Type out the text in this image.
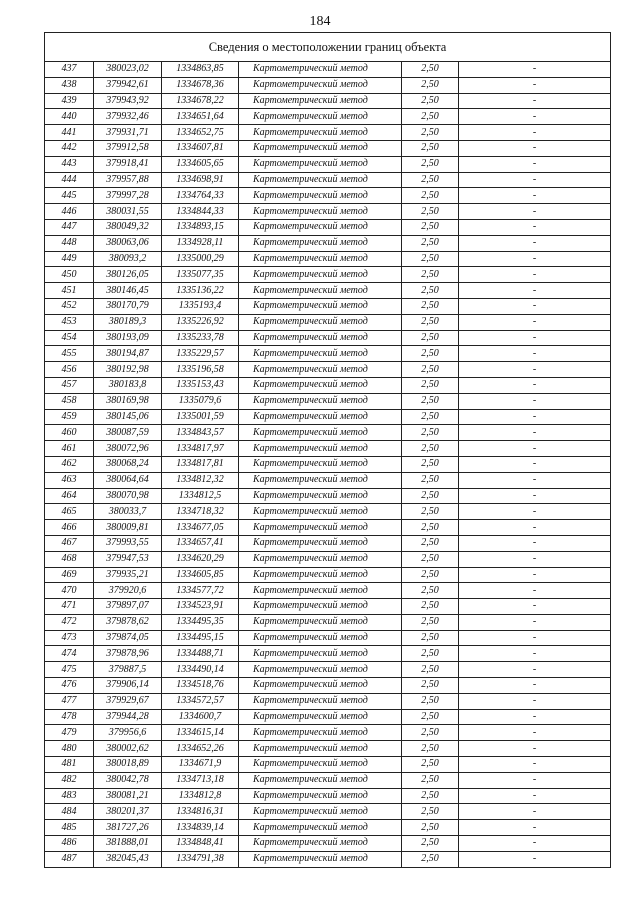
184
Сведения о местоположении границ объекта
437	380023,02	1334863,85	Картометрический метод	2,50	-
438	379942,61	1334678,36	Картометрический метод	2,50	-
439	379943,92	1334678,22	Картометрический метод	2,50	-
440	379932,46	1334651,64	Картометрический метод	2,50	-
441	379931,71	1334652,75	Картометрический метод	2,50	-
442	379912,58	1334607,81	Картометрический метод	2,50	-
443	379918,41	1334605,65	Картометрический метод	2,50	-
444	379957,88	1334698,91	Картометрический метод	2,50	-
445	379997,28	1334764,33	Картометрический метод	2,50	-
446	380031,55	1334844,33	Картометрический метод	2,50	-
447	380049,32	1334893,15	Картометрический метод	2,50	-
448	380063,06	1334928,11	Картометрический метод	2,50	-
449	380093,2	1335000,29	Картометрический метод	2,50	-
450	380126,05	1335077,35	Картометрический метод	2,50	-
451	380146,45	1335136,22	Картометрический метод	2,50	-
452	380170,79	1335193,4	Картометрический метод	2,50	-
453	380189,3	1335226,92	Картометрический метод	2,50	-
454	380193,09	1335233,78	Картометрический метод	2,50	-
455	380194,87	1335229,57	Картометрический метод	2,50	-
456	380192,98	1335196,58	Картометрический метод	2,50	-
457	380183,8	1335153,43	Картометрический метод	2,50	-
458	380169,98	1335079,6	Картометрический метод	2,50	-
459	380145,06	1335001,59	Картометрический метод	2,50	-
460	380087,59	1334843,57	Картометрический метод	2,50	-
461	380072,96	1334817,97	Картометрический метод	2,50	-
462	380068,24	1334817,81	Картометрический метод	2,50	-
463	380064,64	1334812,32	Картометрический метод	2,50	-
464	380070,98	1334812,5	Картометрический метод	2,50	-
465	380033,7	1334718,32	Картометрический метод	2,50	-
466	380009,81	1334677,05	Картометрический метод	2,50	-
467	379993,55	1334657,41	Картометрический метод	2,50	-
468	379947,53	1334620,29	Картометрический метод	2,50	-
469	379935,21	1334605,85	Картометрический метод	2,50	-
470	379920,6	1334577,72	Картометрический метод	2,50	-
471	379897,07	1334523,91	Картометрический метод	2,50	-
472	379878,62	1334495,35	Картометрический метод	2,50	-
473	379874,05	1334495,15	Картометрический метод	2,50	-
474	379878,96	1334488,71	Картометрический метод	2,50	-
475	379887,5	1334490,14	Картометрический метод	2,50	-
476	379906,14	1334518,76	Картометрический метод	2,50	-
477	379929,67	1334572,57	Картометрический метод	2,50	-
478	379944,28	1334600,7	Картометрический метод	2,50	-
479	379956,6	1334615,14	Картометрический метод	2,50	-
480	380002,62	1334652,26	Картометрический метод	2,50	-
481	380018,89	1334671,9	Картометрический метод	2,50	-
482	380042,78	1334713,18	Картометрический метод	2,50	-
483	380081,21	1334812,8	Картометрический метод	2,50	-
484	380201,37	1334816,31	Картометрический метод	2,50	-
485	381727,26	1334839,14	Картометрический метод	2,50	-
486	381888,01	1334848,41	Картометрический метод	2,50	-
487	382045,43	1334791,38	Картометрический метод	2,50	-
